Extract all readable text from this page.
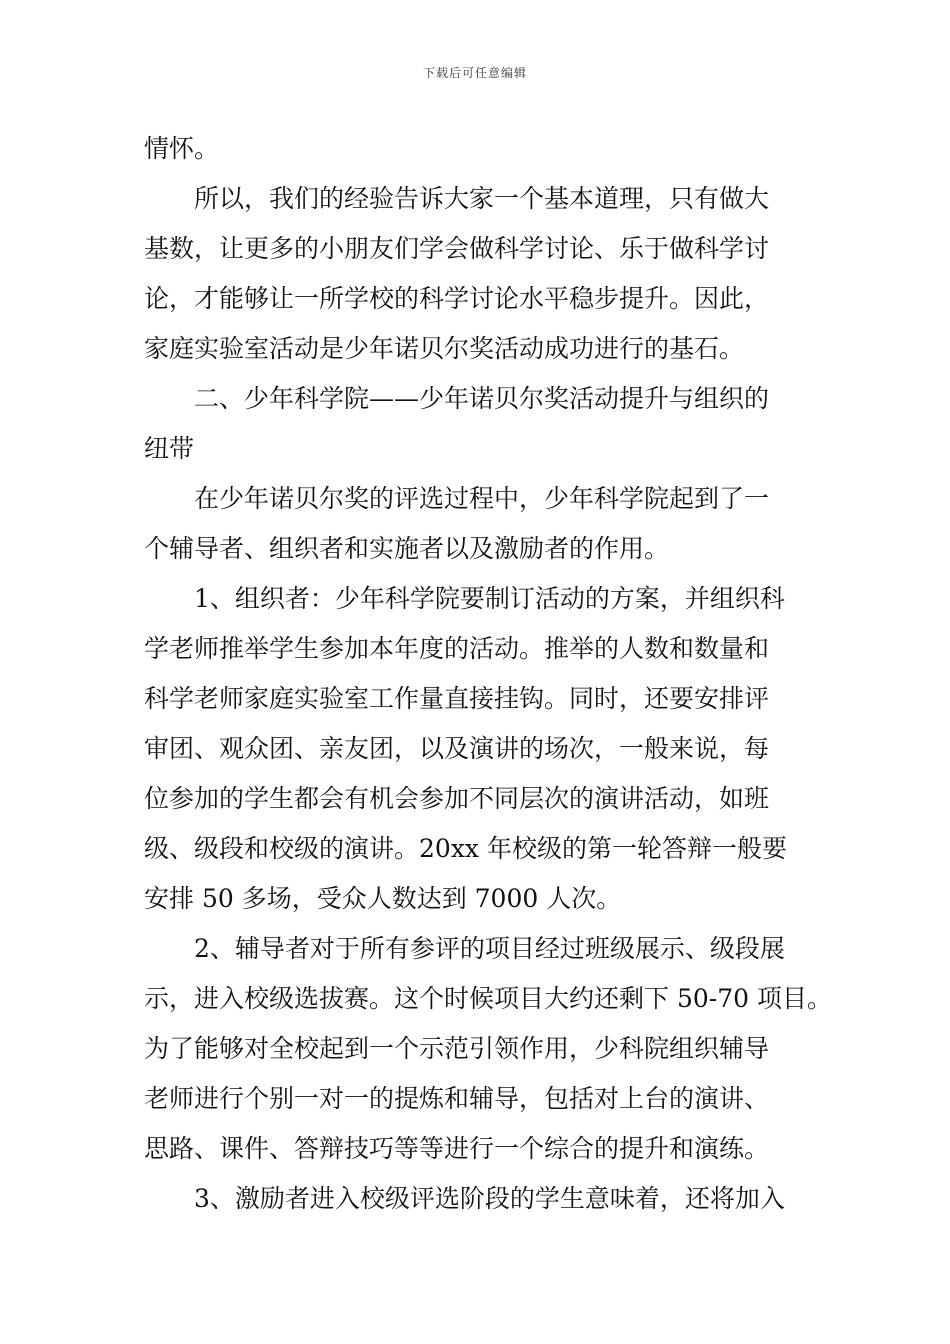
下载后可任意编辑
情怀。
所以，我们的经验告诉大家一个基本道理，只有做大
基数，让更多的小朋友们学会做科学讨论、乐于做科学讨
论，才能够让一所学校的科学讨论水平稳步提升。因此，
家庭实验室活动是少年诺贝尔奖活动成功进行的基石。
二、少年科学院——少年诺贝尔奖活动提升与组织的
纽带
在少年诺贝尔奖的评选过程中，少年科学院起到了一
个辅导者、组织者和实施者以及激励者的作用。
1、组织者：少年科学院要制订活动的方案，并组织科
学老师推举学生参加本年度的活动。推举的人数和数量和
科学老师家庭实验室工作量直接挂钩。同时，还要安排评
审团、观众团、亲友团，以及演讲的场次，一般来说，每
位参加的学生都会有机会参加不同层次的演讲活动，如班
级、级段和校级的演讲。20xx 年校级的第一轮答辩一般要
安排 50 多场，受众人数达到 7000 人次。
2、辅导者对于所有参评的项目经过班级展示、级段展
示，进入校级选拔赛。这个时候项目大约还剩下 50-70 项目。
为了能够对全校起到一个示范引领作用，少科院组织辅导
老师进行个别一对一的提炼和辅导，包括对上台的演讲、
思路、课件、答辩技巧等等进行一个综合的提升和演练。
3、激励者进入校级评选阶段的学生意味着，还将加入
